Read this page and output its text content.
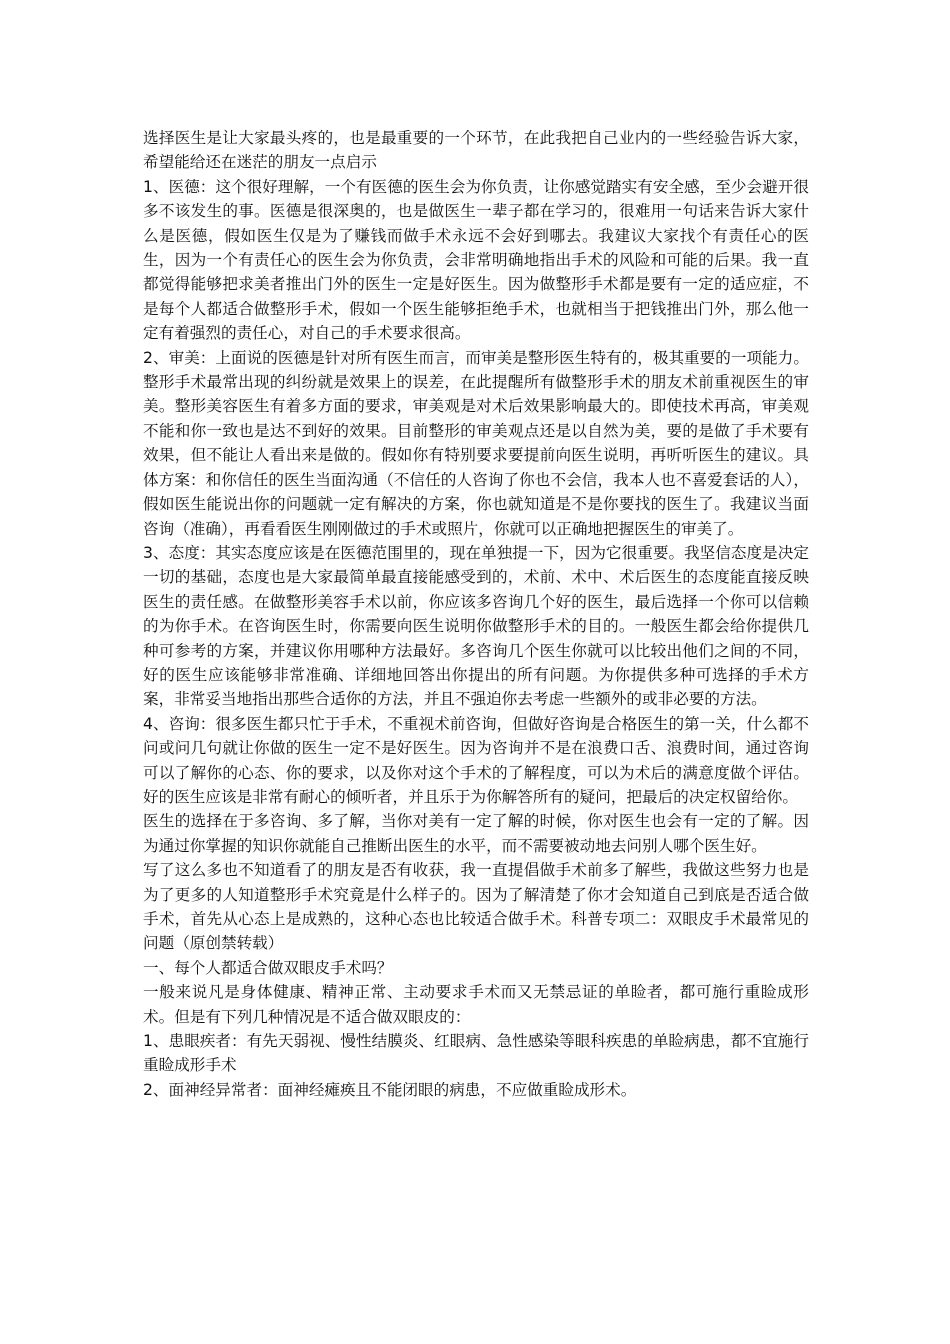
选择医生是让大家最头疼的，也是最重要的一个环节，在此我把自己业内的一些经验告诉大家，希望能给还在迷茫的朋友一点启示

1、医德：这个很好理解，一个有医德的医生会为你负责，让你感觉踏实有安全感，至少会避开很多不该发生的事。医德是很深奥的，也是做医生一辈子都在学习的，很难用一句话来告诉大家什么是医德，假如医生仅是为了赚钱而做手术永远不会好到哪去。我建议大家找个有责任心的医生，因为一个有责任心的医生会为你负责，会非常明确地指出手术的风险和可能的后果。我一直都觉得能够把求美者推出门外的医生一定是好医生。因为做整形手术都是要有一定的适应症，不是每个人都适合做整形手术，假如一个医生能够拒绝手术，也就相当于把钱推出门外，那么他一定有着强烈的责任心，对自己的手术要求很高。

2、审美：上面说的医德是针对所有医生而言，而审美是整形医生特有的，极其重要的一项能力。整形手术最常出现的纠纷就是效果上的误差，在此提醒所有做整形手术的朋友术前重视医生的审美。整形美容医生有着多方面的要求，审美观是对术后效果影响最大的。即使技术再高，审美观不能和你一致也是达不到好的效果。目前整形的审美观点还是以自然为美，要的是做了手术要有效果，但不能让人看出来是做的。假如你有特别要求要提前向医生说明，再听听医生的建议。具体方案：和你信任的医生当面沟通（不信任的人咨询了你也不会信，我本人也不喜爱套话的人），假如医生能说出你的问题就一定有解决的方案，你也就知道是不是你要找的医生了。我建议当面咨询（准确），再看看医生刚刚做过的手术或照片，你就可以正确地把握医生的审美了。

3、态度：其实态度应该是在医德范围里的，现在单独提一下，因为它很重要。我坚信态度是决定一切的基础，态度也是大家最简单最直接能感受到的，术前、术中、术后医生的态度能直接反映医生的责任感。在做整形美容手术以前，你应该多咨询几个好的医生，最后选择一个你可以信赖的为你手术。在咨询医生时，你需要向医生说明你做整形手术的目的。一般医生都会给你提供几种可参考的方案，并建议你用哪种方法最好。多咨询几个医生你就可以比较出他们之间的不同，好的医生应该能够非常准确、详细地回答出你提出的所有问题。为你提供多种可选择的手术方案，非常妥当地指出那些合适你的方法，并且不强迫你去考虑一些额外的或非必要的方法。

4、咨询：很多医生都只忙于手术，不重视术前咨询，但做好咨询是合格医生的第一关，什么都不问或问几句就让你做的医生一定不是好医生。因为咨询并不是在浪费口舌、浪费时间，通过咨询可以了解你的心态、你的要求，以及你对这个手术的了解程度，可以为术后的满意度做个评估。好的医生应该是非常有耐心的倾听者，并且乐于为你解答所有的疑问，把最后的决定权留给你。

医生的选择在于多咨询、多了解，当你对美有一定了解的时候，你对医生也会有一定的了解。因为通过你掌握的知识你就能自己推断出医生的水平，而不需要被动地去问别人哪个医生好。

写了这么多也不知道看了的朋友是否有收获，我一直提倡做手术前多了解些，我做这些努力也是为了更多的人知道整形手术究竟是什么样子的。因为了解清楚了你才会知道自己到底是否适合做手术，首先从心态上是成熟的，这种心态也比较适合做手术。科普专项二：双眼皮手术最常见的问题（原创禁转载）

一、每个人都适合做双眼皮手术吗？

一般来说凡是身体健康、精神正常、主动要求手术而又无禁忌证的单睑者，都可施行重睑成形术。但是有下列几种情况是不适合做双眼皮的：

1、患眼疾者：有先天弱视、慢性结膜炎、红眼病、急性感染等眼科疾患的单睑病患，都不宜施行重睑成形手术

2、面神经异常者：面神经瘫痪且不能闭眼的病患，不应做重睑成形术。
